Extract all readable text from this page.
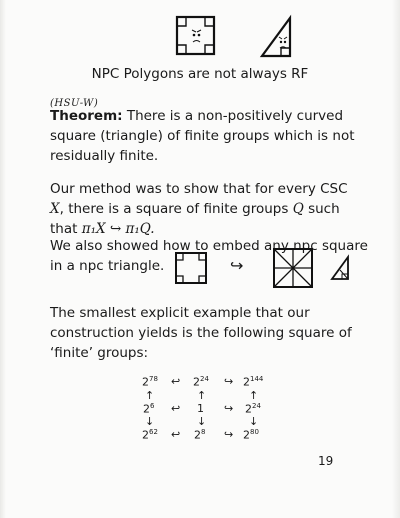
NPC Polygons are not always RF
(HSU-W)
Theorem: There is a non-positively curved square (triangle) of finite groups which is not residually finite.
Our method was to show that for every CSC
X, there is a square of finite groups Q such
that π₁X ↪ π₁Q.
We also showed how to embed any npc square
in a npc triangle.	↪
The smallest explicit example that our construction yields is the following square of ‘finite’ groups:
$2^{78}$ ↩ $2^{24}$ ↪ $2^{144}$
↑	↑	↑
$2^6$ ↩ 1 ↪ $2^{24}$
↓	↓	↓
$2^{62}$ ↩ $2^8$ ↪ $2^{80}$
19
